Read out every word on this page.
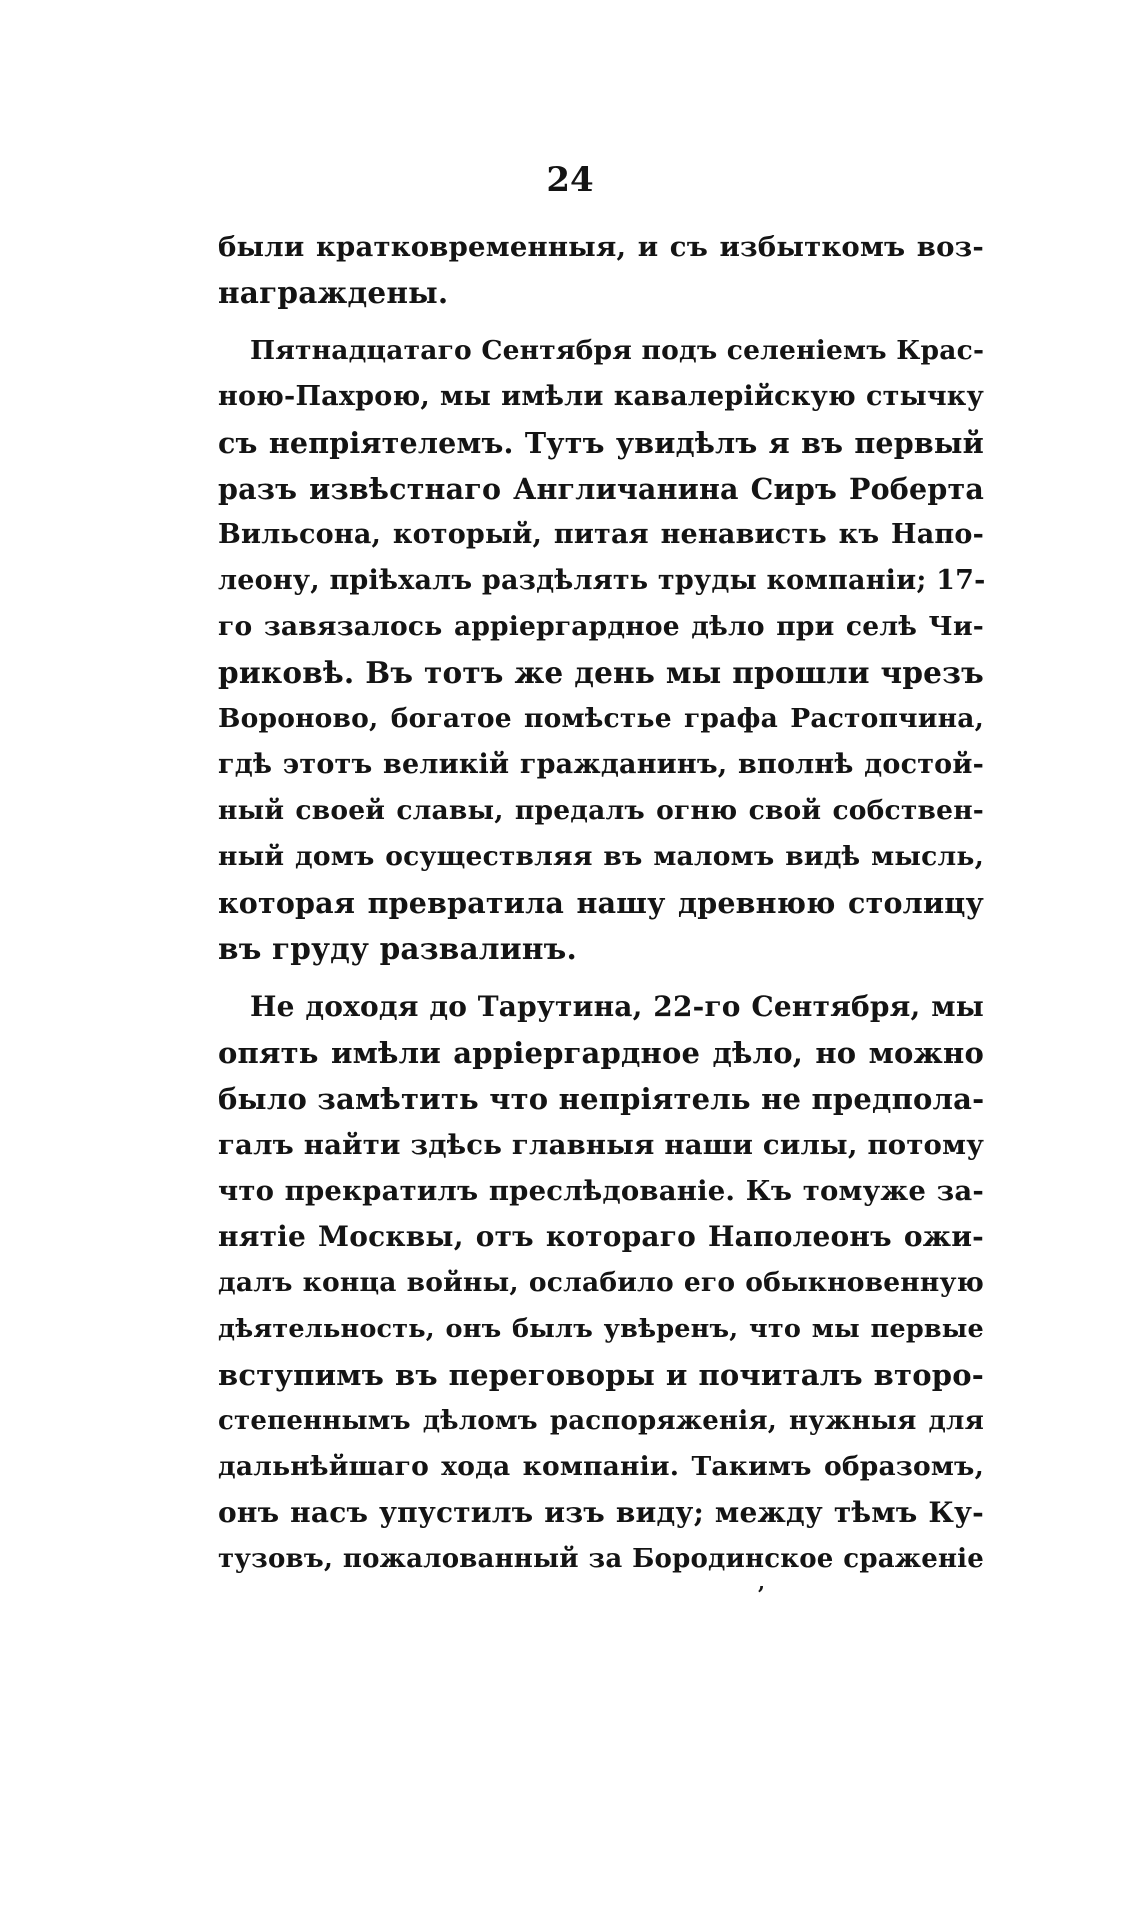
24
были кратковременныя, и съ избыткомъ воз-
награждены.
Пятнадцатаго Сентября подъ селеніемъ Крас-
ною-Пахрою, мы имѣли кавалерійскую стычку
съ непріятелемъ. Тутъ увидѣлъ я въ первый
разъ извѣстнаго Англичанина Сиръ Роберта
Вильсона, который, питая ненависть къ Напо-
леону, пріѣхалъ раздѣлять труды компаніи; 17-
го завязалось арріергардное дѣло при селѣ Чи-
риковѣ. Въ тотъ же день мы прошли чрезъ
Вороново, богатое помѣстье графа Растопчина,
гдѣ этотъ великій гражданинъ, вполнѣ достой-
ный своей славы, предалъ огню свой собствен-
ный домъ осуществляя въ маломъ видѣ мысль,
которая превратила нашу древнюю столицу
въ груду развалинъ.
Не доходя до Тарутина, 22-го Сентября, мы
опять имѣли арріергардное дѣло, но можно
было замѣтить что непріятель не предпола-
галъ найти здѣсь главныя наши силы, потому
что прекратилъ преслѣдованіе. Къ томуже за-
нятіе Москвы, отъ котораго Наполеонъ ожи-
далъ конца войны, ослабило его обыкновенную
дѣятельность, онъ былъ увѣренъ, что мы первые
вступимъ въ переговоры и почиталъ второ-
степеннымъ дѣломъ распоряженія, нужныя для
дальнѣйшаго хода компаніи. Такимъ образомъ,
онъ насъ упустилъ изъ виду; между тѣмъ Ку-
тузовъ, пожалованный за Бородинское сраженіе
,
